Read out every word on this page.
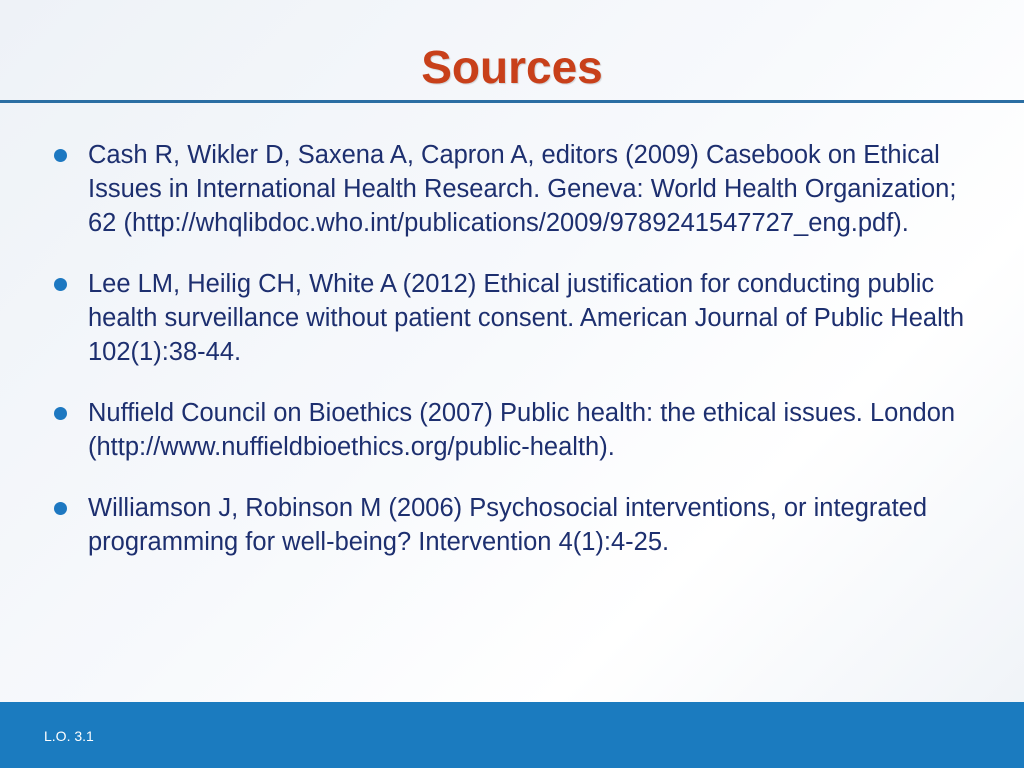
Sources
Cash R, Wikler D, Saxena A, Capron A, editors (2009) Casebook on Ethical Issues in International Health Research. Geneva: World Health Organization; 62 (http://whqlibdoc.who.int/publications/2009/9789241547727_eng.pdf).
Lee LM, Heilig CH, White A (2012) Ethical justification for conducting public health surveillance without patient consent. American Journal of Public Health 102(1):38-44.
Nuffield Council on Bioethics (2007) Public health: the ethical issues. London (http://www.nuffieldbioethics.org/public-health).
Williamson J, Robinson M (2006) Psychosocial interventions, or integrated programming for well-being? Intervention 4(1):4-25.
L.O. 3.1
